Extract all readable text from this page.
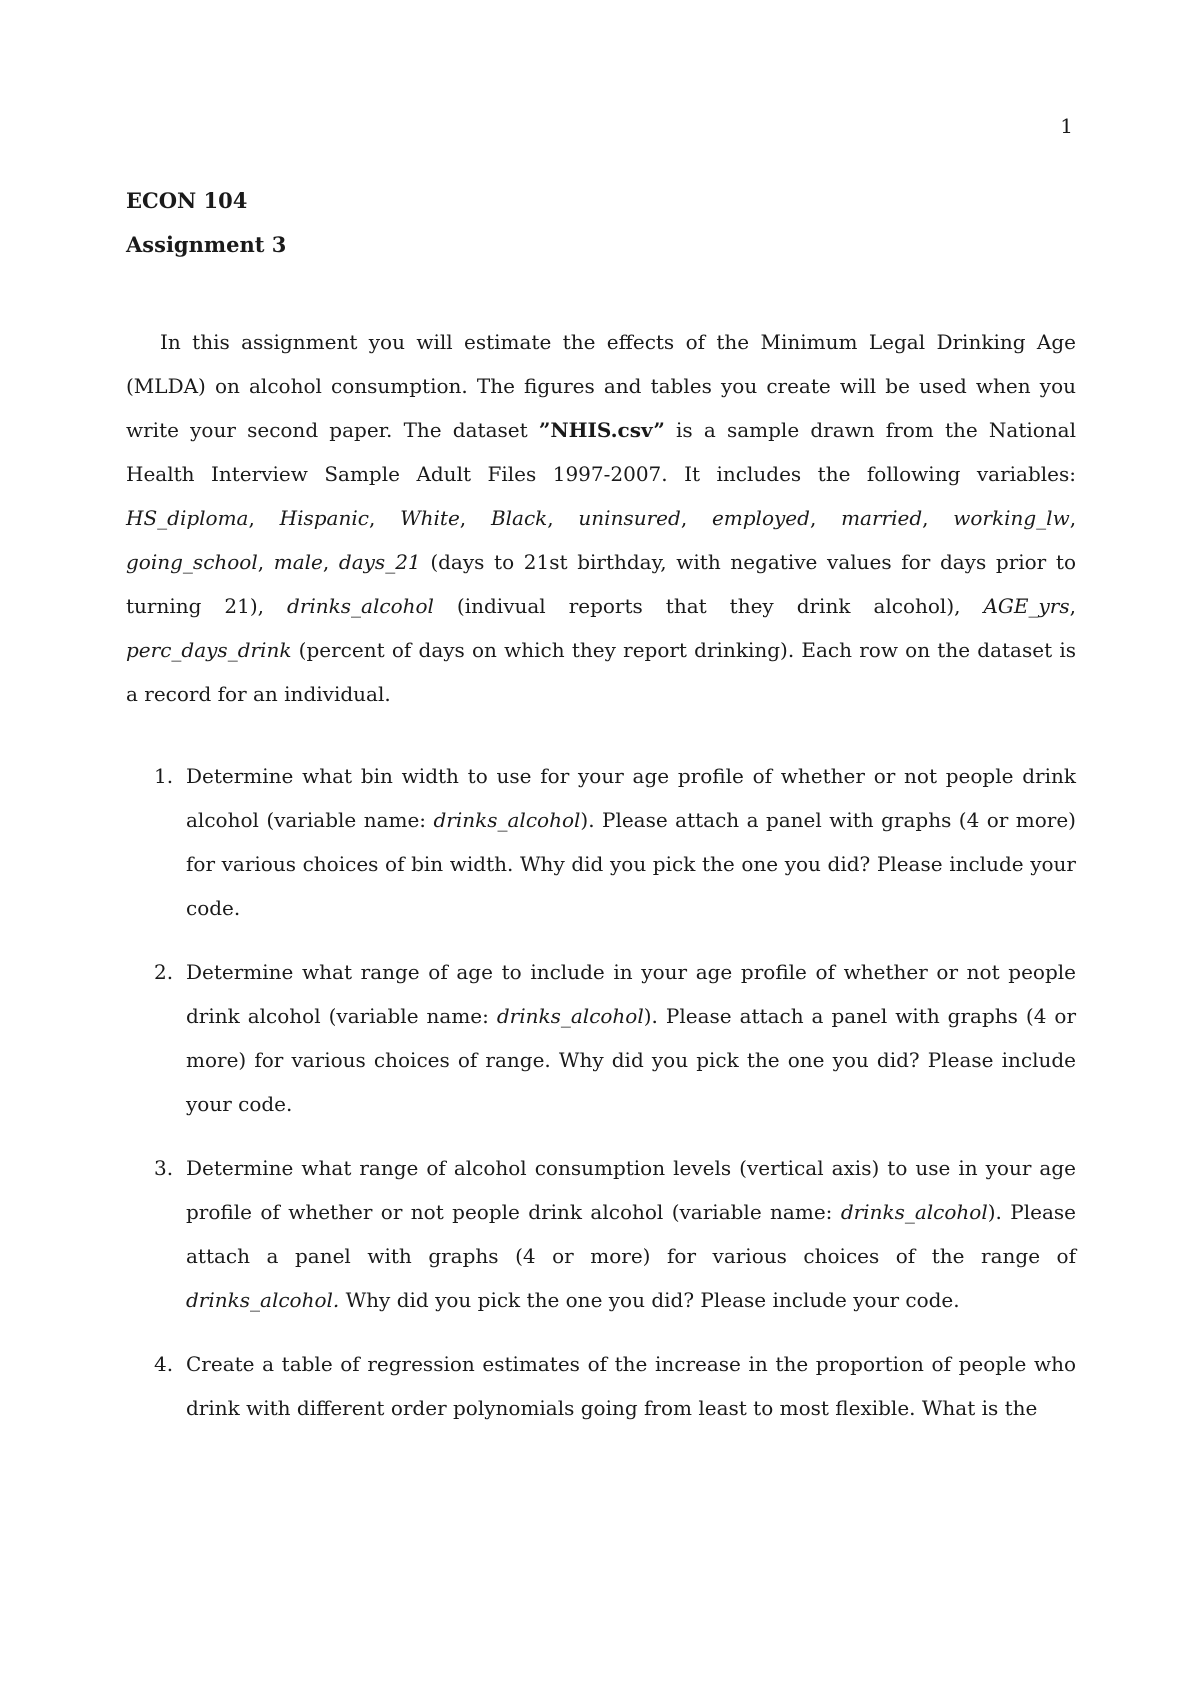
1
ECON 104
Assignment 3

In this assignment you will estimate the effects of the Minimum Legal Drinking Age (MLDA) on alcohol consumption. The figures and tables you create will be used when you write your second paper. The dataset ”NHIS.csv” is a sample drawn from the National Health Interview Sample Adult Files 1997-2007. It includes the following variables: HS_diploma, Hispanic, White, Black, uninsured, employed, married, working_lw, going_school, male, days_21 (days to 21st birthday, with negative values for days prior to turning 21), drinks_alcohol (indivual reports that they drink alcohol), AGE_yrs, perc_days_drink (percent of days on which they report drinking). Each row on the dataset is a record for an individual.

1. Determine what bin width to use for your age profile of whether or not people drink alcohol (variable name: drinks_alcohol). Please attach a panel with graphs (4 or more) for various choices of bin width. Why did you pick the one you did? Please include your code.
2. Determine what range of age to include in your age profile of whether or not people drink alcohol (variable name: drinks_alcohol). Please attach a panel with graphs (4 or more) for various choices of range. Why did you pick the one you did? Please include your code.
3. Determine what range of alcohol consumption levels (vertical axis) to use in your age profile of whether or not people drink alcohol (variable name: drinks_alcohol). Please attach a panel with graphs (4 or more) for various choices of the range of drinks_alcohol. Why did you pick the one you did? Please include your code.
4. Create a table of regression estimates of the increase in the proportion of people who drink with different order polynomials going from least to most flexible. What is the
